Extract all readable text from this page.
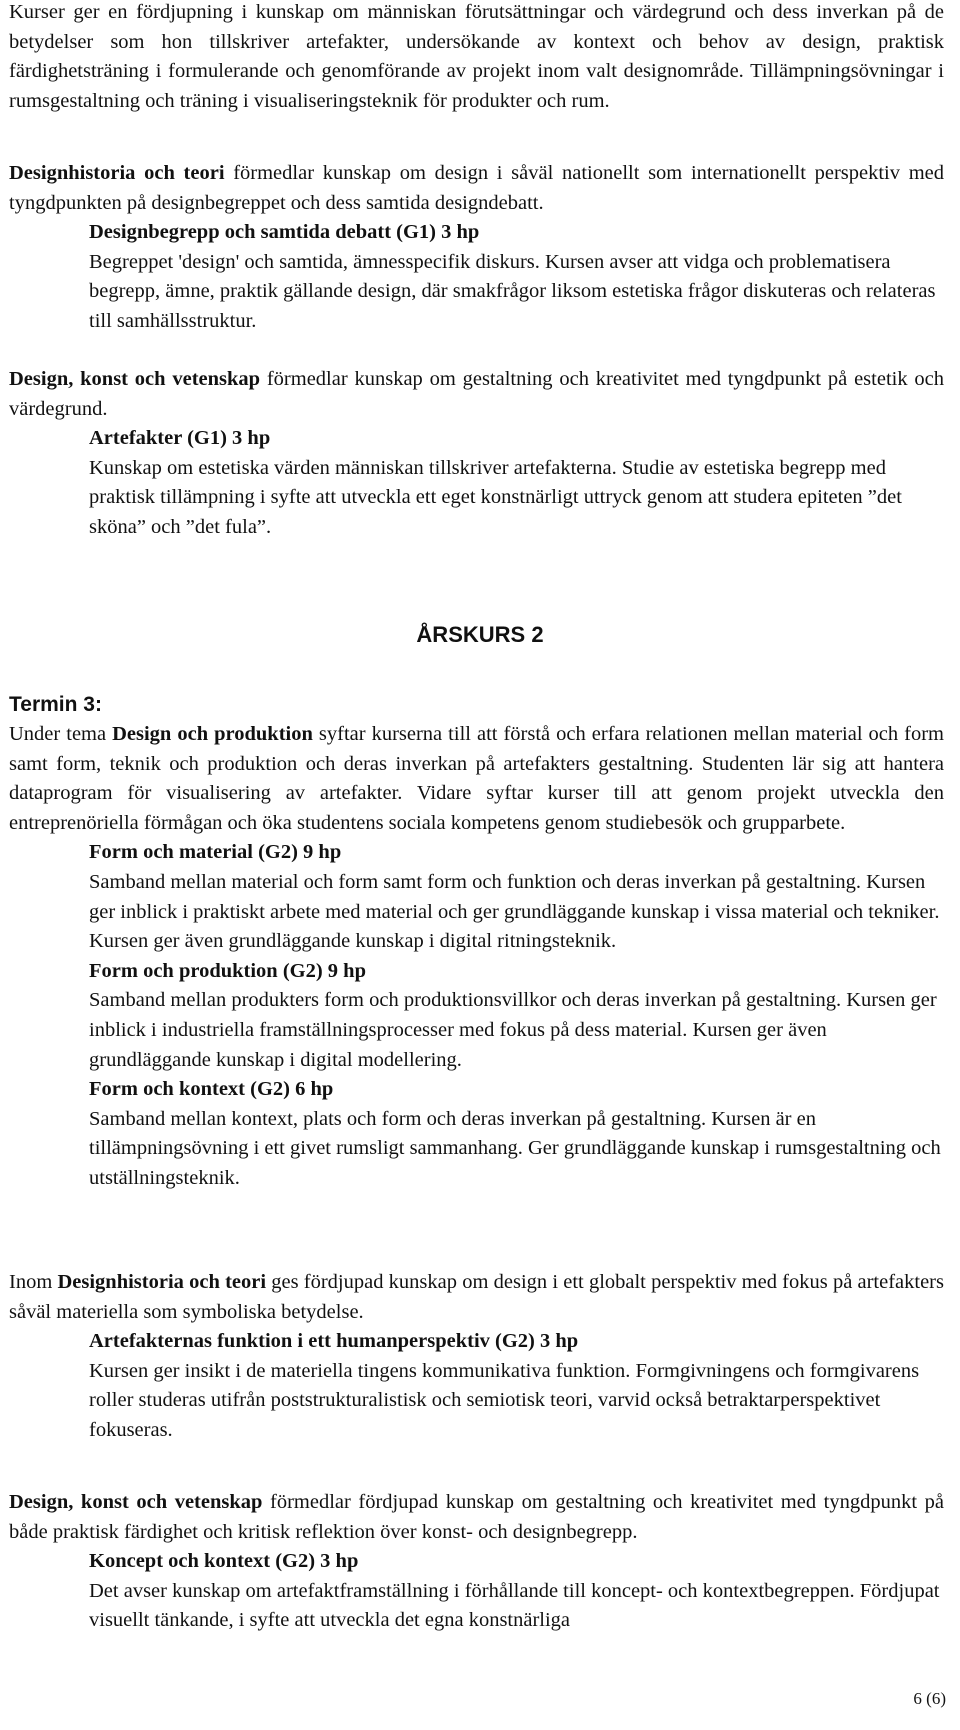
Kurser ger en fördjupning i kunskap om människan förutsättningar och värdegrund och dess inverkan på de betydelser som hon tillskriver artefakter, undersökande av kontext och behov av design, praktisk färdighetsträning i formulerande och genomförande av projekt inom valt designområde. Tillämpningsövningar i rumsgestaltning och träning i visualiseringsteknik för produkter och rum.

Designhistoria och teori förmedlar kunskap om design i såväl nationellt som internationellt perspektiv med tyngdpunkten på designbegreppet och dess samtida designdebatt.

Designbegrepp och samtida debatt (G1) 3 hp

Begreppet 'design' och samtida, ämnesspecifik diskurs. Kursen avser att vidga och problematisera begrepp, ämne, praktik gällande design, där smakfrågor liksom estetiska frågor diskuteras och relateras till samhällsstruktur.

Design, konst och vetenskap förmedlar kunskap om gestaltning och kreativitet med tyngdpunkt på estetik och värdegrund.

Artefakter (G1) 3 hp

Kunskap om estetiska värden människan tillskriver artefakterna. Studie av estetiska begrepp med praktisk tillämpning i syfte att utveckla ett eget konstnärligt uttryck genom att studera epiteten ”det sköna” och ”det fula”.

ÅRSKURS 2
Termin 3:

Under tema Design och produktion syftar kurserna till att förstå och erfara relationen mellan material och form samt form, teknik och produktion och deras inverkan på artefakters gestaltning. Studenten lär sig att hantera dataprogram för visualisering av artefakter. Vidare syftar kurser till att genom projekt utveckla den entreprenöriella förmågan och öka studentens sociala kompetens genom studiebesök och grupparbete.

Form och material (G2) 9 hp

Samband mellan material och form samt form och funktion och deras inverkan på gestaltning. Kursen ger inblick i praktiskt arbete med material och ger grundläggande kunskap i vissa material och tekniker. Kursen ger även grundläggande kunskap i digital ritningsteknik.

Form och produktion (G2) 9 hp

Samband mellan produkters form och produktionsvillkor och deras inverkan på gestaltning. Kursen ger inblick i industriella framställningsprocesser med fokus på dess material. Kursen ger även grundläggande kunskap i digital modellering.

Form och kontext (G2) 6 hp

Samband mellan kontext, plats och form och deras inverkan på gestaltning. Kursen är en tillämpningsövning i ett givet rumsligt sammanhang. Ger grundläggande kunskap i rumsgestaltning och utställningsteknik.

Inom Designhistoria och teori ges fördjupad kunskap om design i ett globalt perspektiv med fokus på artefakters såväl materiella som symboliska betydelse.

Artefakternas funktion i ett humanperspektiv (G2) 3 hp

Kursen ger insikt i de materiella tingens kommunikativa funktion. Formgivningens och formgivarens roller studeras utifrån poststrukturalistisk och semiotisk teori, varvid också betraktarperspektivet fokuseras.

Design, konst och vetenskap förmedlar fördjupad kunskap om gestaltning och kreativitet med tyngdpunkt på både praktisk färdighet och kritisk reflektion över konst- och designbegrepp.

Koncept och kontext (G2) 3 hp

Det avser kunskap om artefaktframställning i förhållande till koncept- och kontextbegreppen. Fördjupat visuellt tänkande, i syfte att utveckla det egna konstnärliga

6 (6)
